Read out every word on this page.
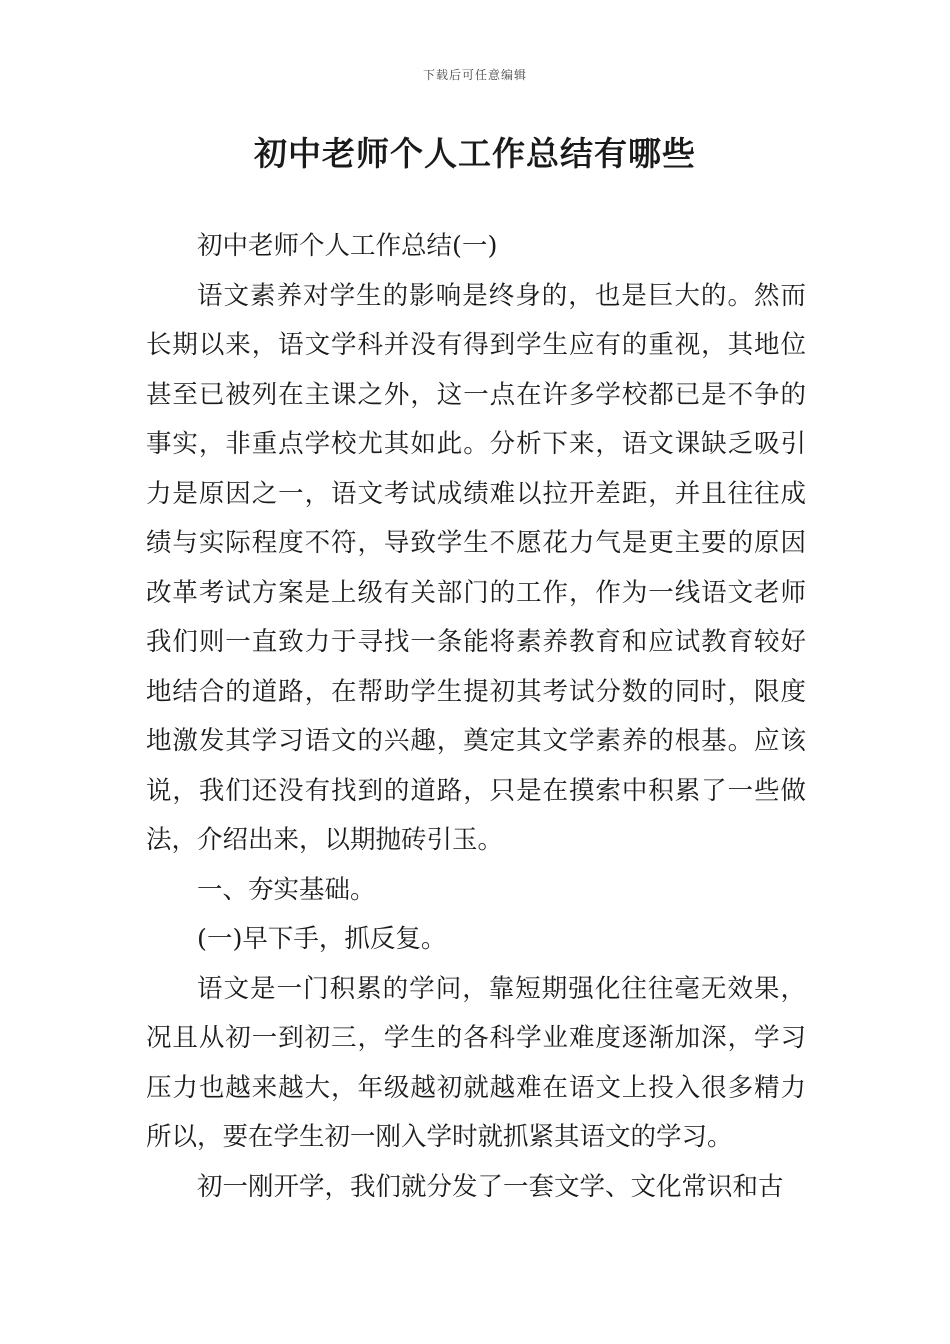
下载后可任意编辑
初中老师个人工作总结有哪些

初中老师个人工作总结(一)

语文素养对学生的影响是终身的，也是巨大的。然而长期以来，语文学科并没有得到学生应有的重视，其地位甚至已被列在主课之外，这一点在许多学校都已是不争的事实，非重点学校尤其如此。分析下来，语文课缺乏吸引力是原因之一，语文考试成绩难以拉开差距，并且往往成绩与实际程度不符，导致学生不愿花力气是更主要的原因改革考试方案是上级有关部门的工作，作为一线语文老师我们则一直致力于寻找一条能将素养教育和应试教育较好地结合的道路，在帮助学生提初其考试分数的同时，限度地激发其学习语文的兴趣，奠定其文学素养的根基。应该说，我们还没有找到的道路，只是在摸索中积累了一些做法，介绍出来，以期抛砖引玉。

一、夯实基础。

(一)早下手，抓反复。

语文是一门积累的学问，靠短期强化往往毫无效果，况且从初一到初三，学生的各科学业难度逐渐加深，学习压力也越来越大，年级越初就越难在语文上投入很多精力所以，要在学生初一刚入学时就抓紧其语文的学习。

初一刚开学，我们就分发了一套文学、文化常识和古
